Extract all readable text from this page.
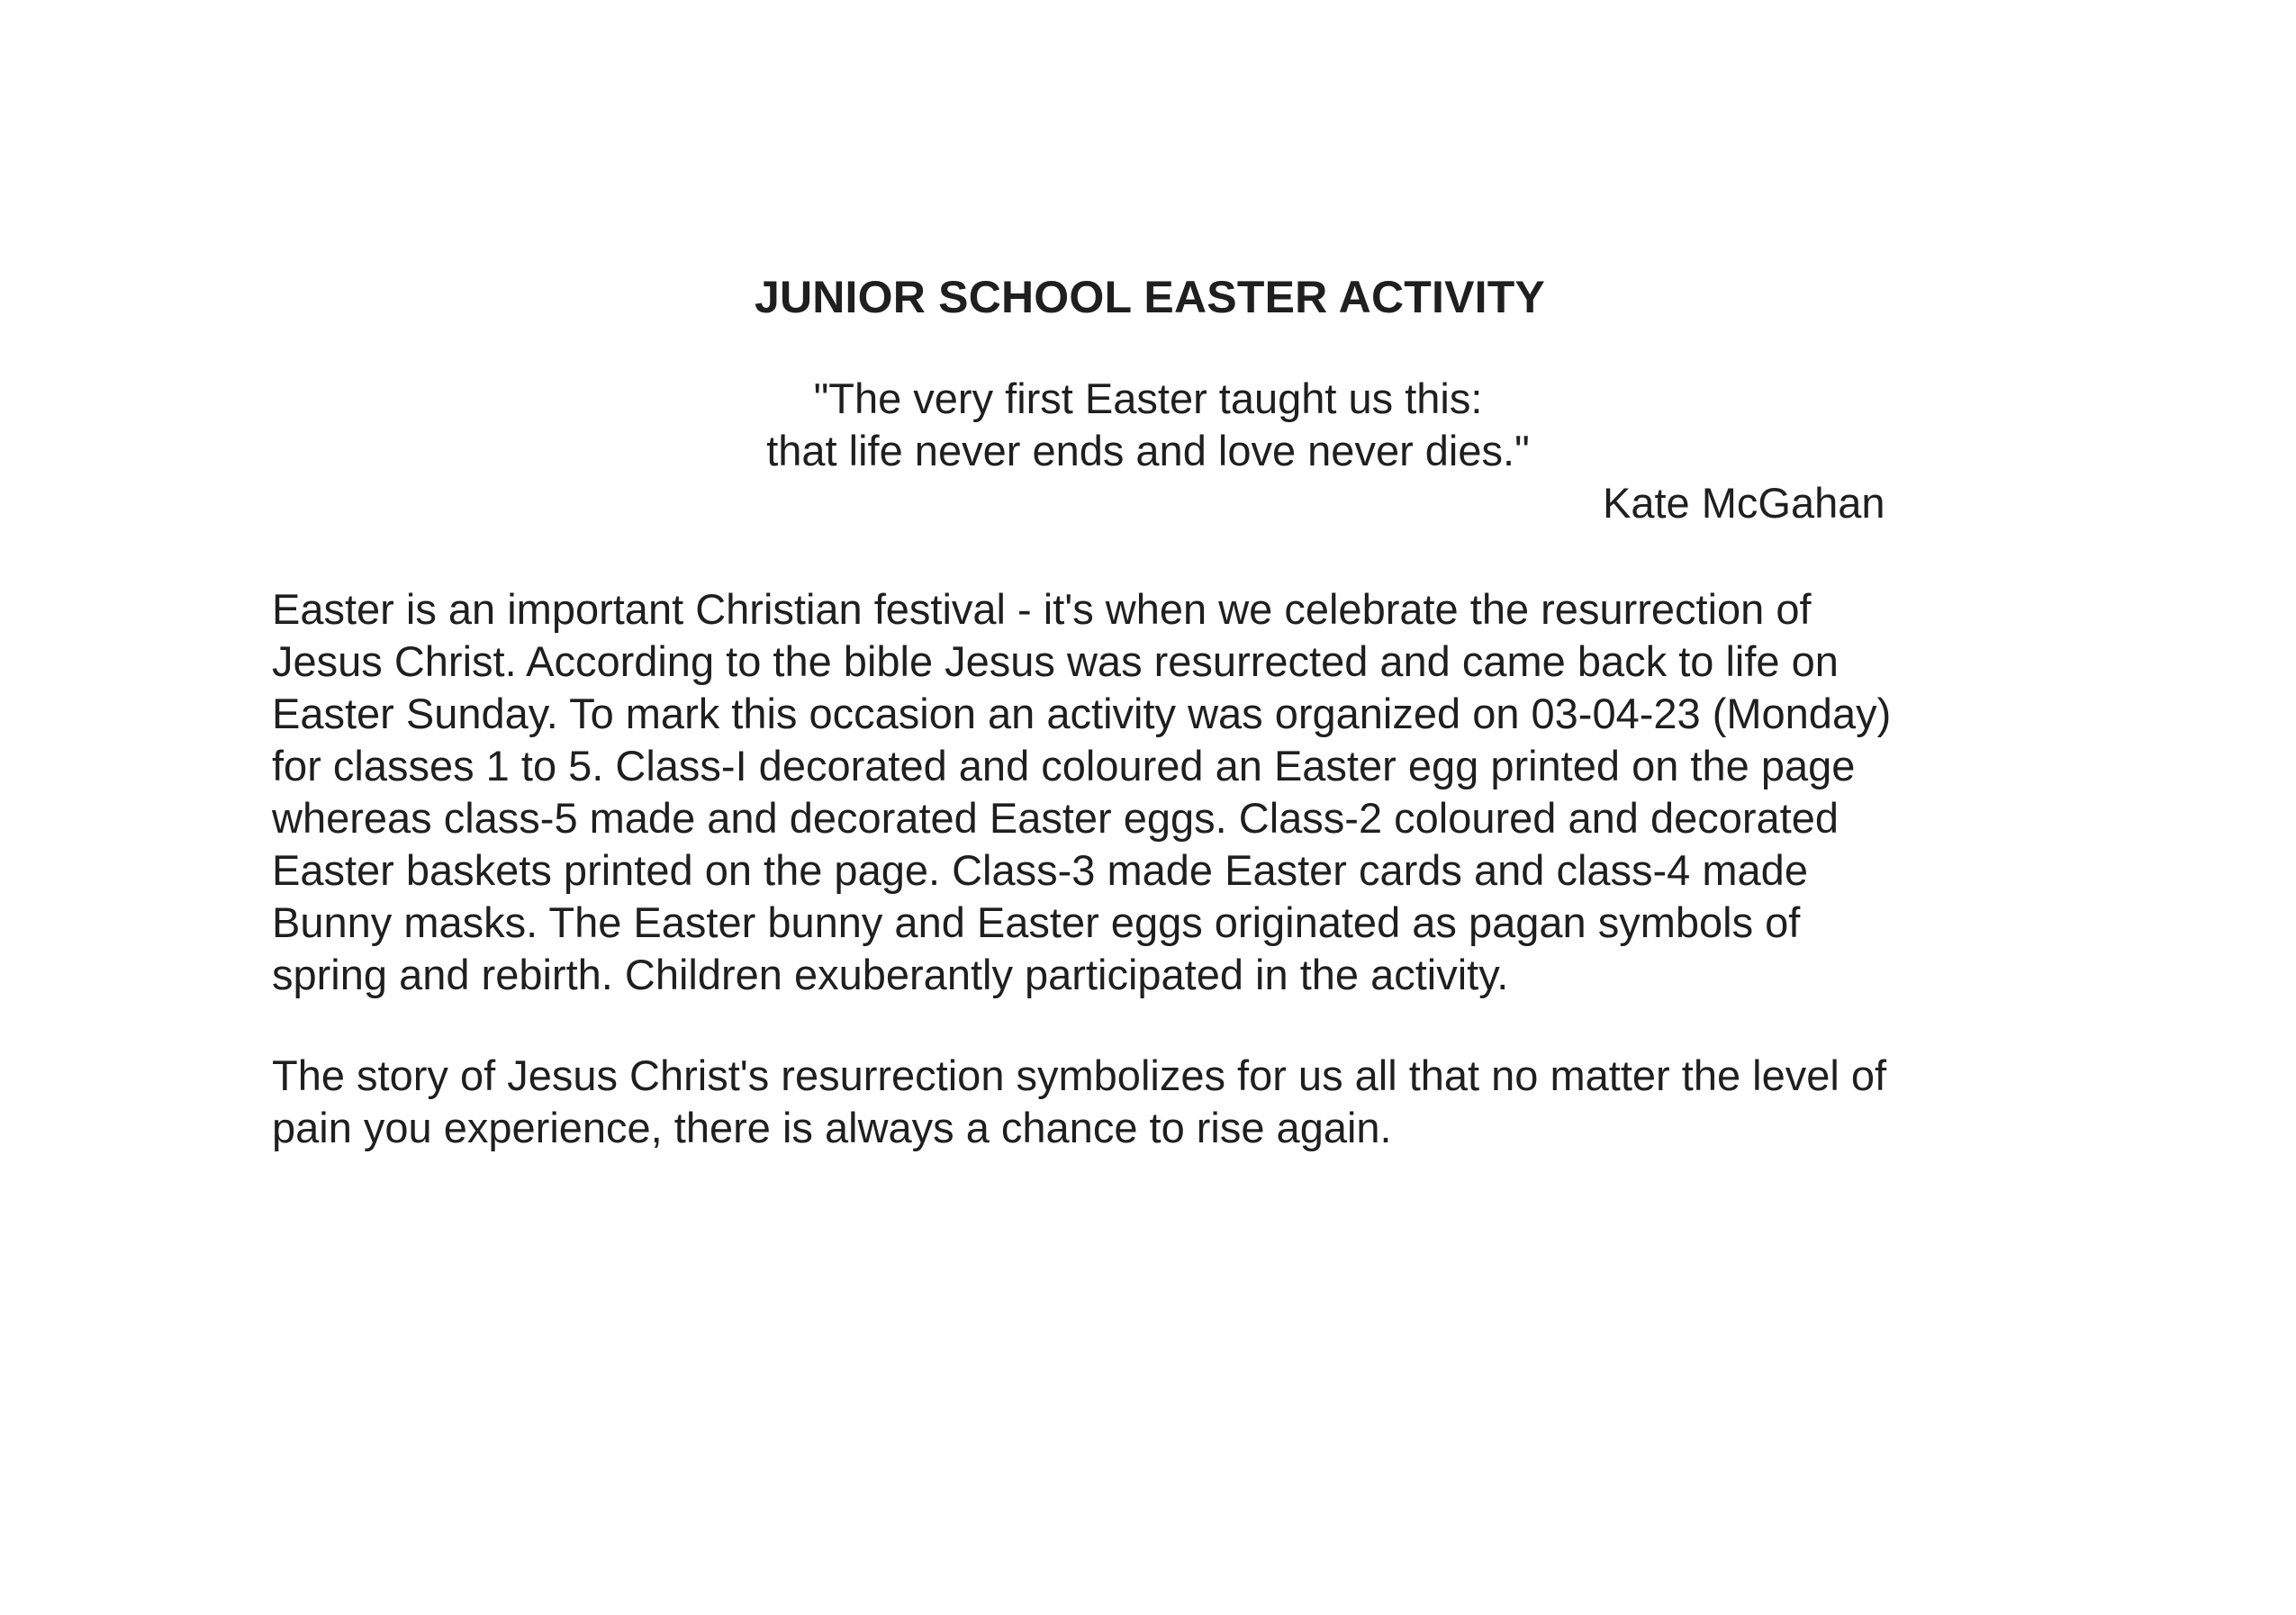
JUNIOR SCHOOL EASTER ACTIVITY
"The very first Easter taught us this:
that life never ends and love never dies."
Kate McGahan
Easter is an important Christian festival - it's when we celebrate the resurrection of
Jesus Christ. According to the bible Jesus was resurrected and came back to life on
Easter Sunday. To mark this occasion an activity was organized on 03-04-23 (Monday)
for classes 1 to 5. Class-I decorated and coloured an Easter egg printed on the page
whereas class-5 made and decorated Easter eggs. Class-2 coloured and decorated
Easter baskets printed on the page. Class-3 made Easter cards and class-4 made
Bunny masks. The Easter bunny and Easter eggs originated as pagan symbols of
spring and rebirth. Children exuberantly participated in the activity.
The story of Jesus Christ's resurrection symbolizes for us all that no matter the level of
pain you experience, there is always a chance to rise again.
